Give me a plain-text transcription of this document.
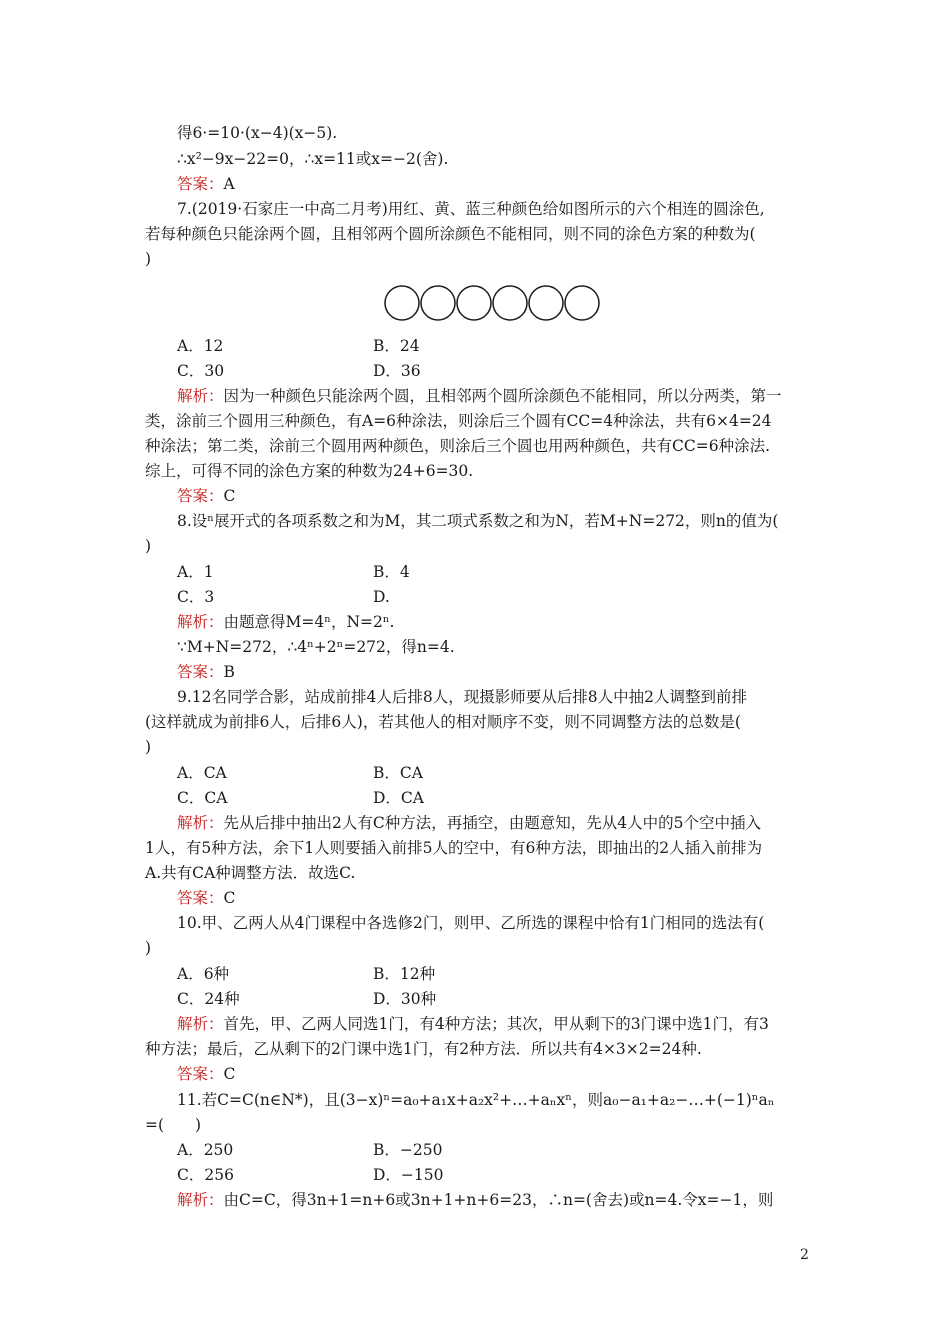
得6·=10·(x−4)(x−5).
∴x²−9x−22=0，∴x=11或x=−2(舍).
答案：A
7.(2019·石家庄一中高二月考)用红、黄、蓝三种颜色给如图所示的六个相连的圆涂色,
若每种颜色只能涂两个圆，且相邻两个圆所涂颜色不能相同，则不同的涂色方案的种数为(
)
A．12	B．24
C．30	D．36
解析：因为一种颜色只能涂两个圆，且相邻两个圆所涂颜色不能相同，所以分两类，第一
类，涂前三个圆用三种颜色，有A=6种涂法，则涂后三个圆有CC=4种涂法，共有6×4=24
种涂法；第二类，涂前三个圆用两种颜色，则涂后三个圆也用两种颜色，共有CC=6种涂法.
综上，可得不同的涂色方案的种数为24+6=30.
答案：C
8.设ⁿ展开式的各项系数之和为M，其二项式系数之和为N，若M+N=272，则n的值为(
)
A．1	B．4
C．3	D.
解析：由题意得M=4ⁿ，N=2ⁿ.
∵M+N=272，∴4ⁿ+2ⁿ=272，得n=4.
答案：B
9.12名同学合影，站成前排4人后排8人，现摄影师要从后排8人中抽2人调整到前排
(这样就成为前排6人，后排6人)，若其他人的相对顺序不变，则不同调整方法的总数是(
)
A．CA	B．CA
C．CA	D．CA
解析：先从后排中抽出2人有C种方法，再插空，由题意知，先从4人中的5个空中插入
1人，有5种方法，余下1人则要插入前排5人的空中，有6种方法，即抽出的2人插入前排为
A.共有CA种调整方法．故选C.
答案：C
10.甲、乙两人从4门课程中各选修2门，则甲、乙所选的课程中恰有1门相同的选法有(
)
A．6种	B．12种
C．24种	D．30种
解析：首先，甲、乙两人同选1门，有4种方法；其次，甲从剩下的3门课中选1门，有3
种方法；最后，乙从剩下的2门课中选1门，有2种方法．所以共有4×3×2=24种.
答案：C
11.若C=C(n∈N*)，且(3−x)ⁿ=a₀+a₁x+a₂x²+…+aₙxⁿ，则a₀−a₁+a₂−…+(−1)ⁿaₙ
=(　　)
A．250	B．−250
C．256	D．−150
解析：由C=C，得3n+1=n+6或3n+1+n+6=23，∴n=(舍去)或n=4.令x=−1，则
2
